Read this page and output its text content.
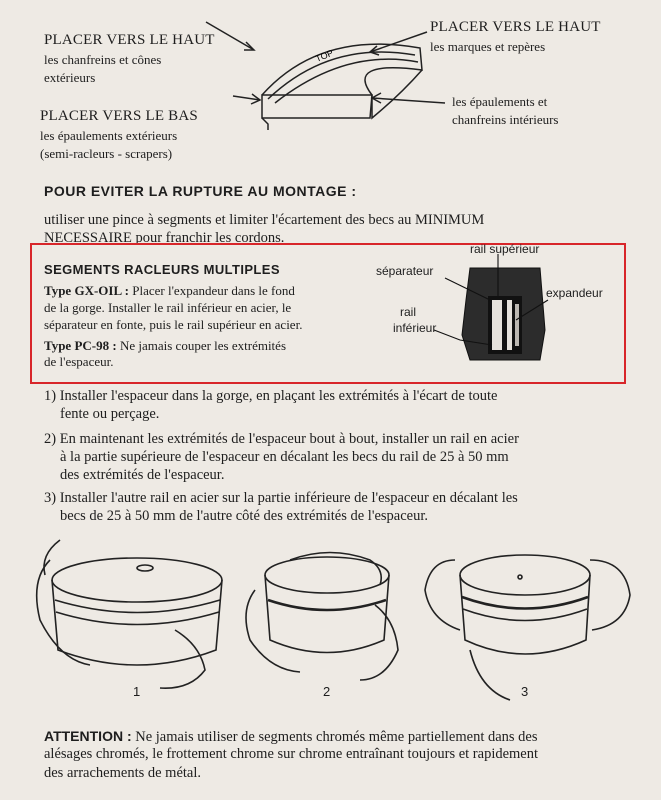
PLACER VERS LE HAUT
les chanfreins et cônes
extérieurs
PLACER VERS LE BAS
les épaulements extérieurs
(semi-racleurs - scrapers)
PLACER VERS LE HAUT
les marques et repères
les épaulements et
chanfreins intérieurs
TOP
POUR EVITER LA RUPTURE AU MONTAGE :
utiliser une pince à segments et limiter l'écartement des becs au MINIMUM
NECESSAIRE pour franchir les cordons.
SEGMENTS RACLEURS MULTIPLES
Type GX-OIL : Placer l'expandeur dans le fond
de la gorge. Installer le rail inférieur en acier, le
séparateur en fonte, puis le rail supérieur en acier.
Type PC-98 : Ne jamais couper les extrémités
de l'espaceur.
rail supérieur
séparateur
expandeur
rail
inférieur
1) Installer l'espaceur dans la gorge, en plaçant les extrémités à l'écart de toute
fente ou perçage.
2) En maintenant les extrémités de l'espaceur bout à bout, installer un rail en acier
à la partie supérieure de l'espaceur en décalant les becs du rail de 25 à 50 mm
des extrémités de l'espaceur.
3) Installer l'autre rail en acier sur la partie inférieure de l'espaceur en décalant les
becs de 25 à 50 mm de l'autre côté des extrémités de l'espaceur.
1	2	3
ATTENTION : Ne jamais utiliser de segments chromés même partiellement dans des
alésages chromés, le frottement chrome sur chrome entraînant toujours et rapidement
des arrachements de métal.
